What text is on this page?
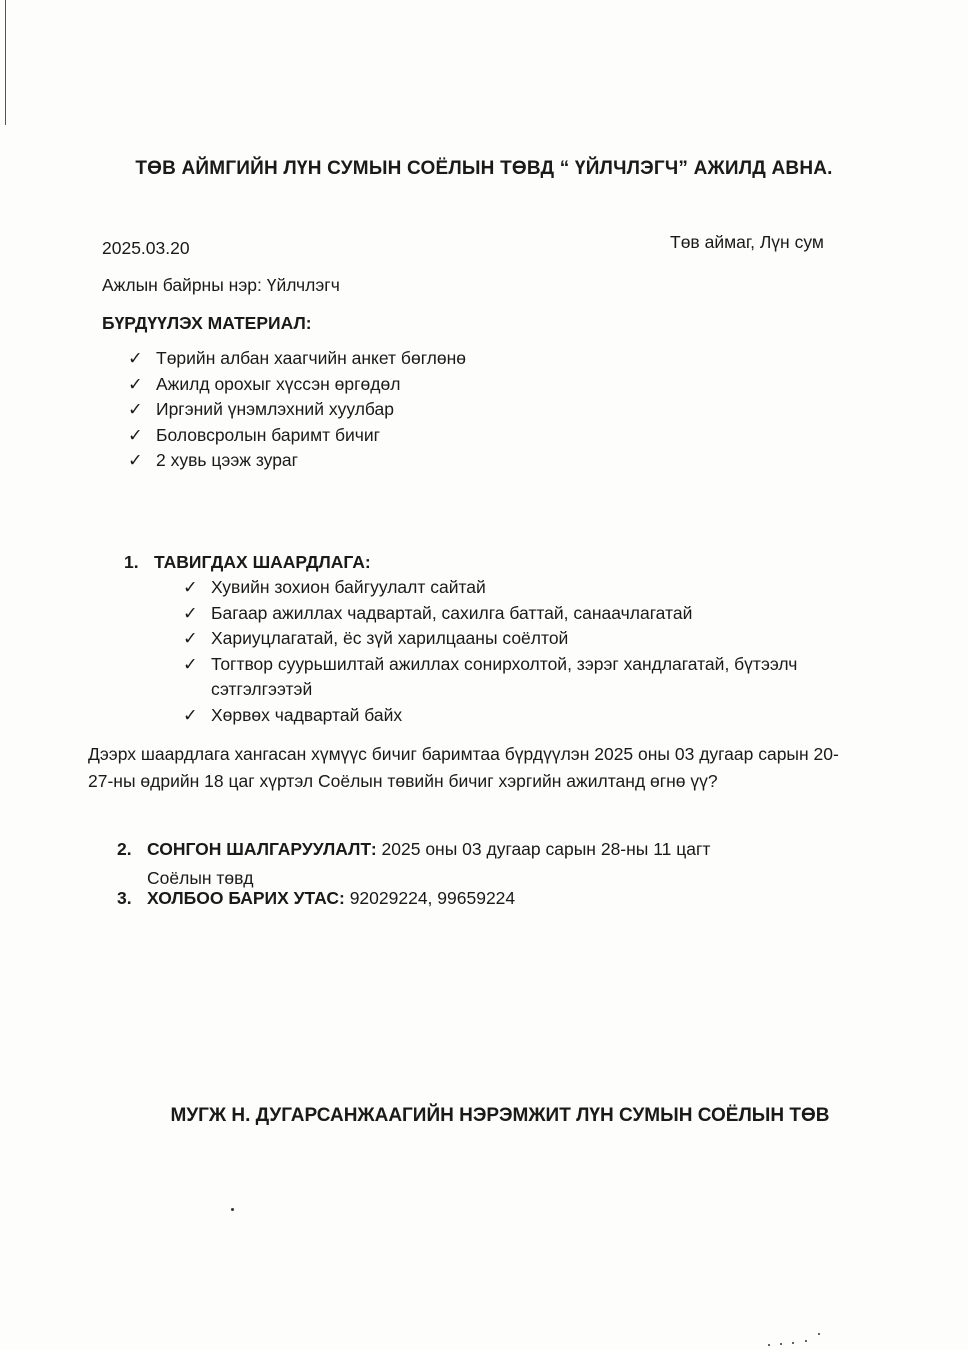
ТӨВ АЙМГИЙН ЛҮН СУМЫН СОЁЛЫН ТӨВД “ ҮЙЛЧЛЭГЧ” АЖИЛД АВНА.
2025.03.20	Төв аймаг, Лүн сум
Ажлын байрны нэр: Үйлчлэгч
БҮРДҮҮЛЭХ МАТЕРИАЛ:
✓ Төрийн албан хаагчийн анкет бөглөнө
✓ Ажилд орохыг хүссэн өргөдөл
✓ Иргэний үнэмлэхний хуулбар
✓ Боловсролын баримт бичиг
✓ 2 хувь цээж зураг
1. ТАВИГДАХ ШААРДЛАГА:
✓ Хувийн зохион байгуулалт сайтай
✓ Багаар ажиллах чадвартай, сахилга баттай, санаачлагатай
✓ Хариуцлагатай, ёс зүй харилцааны соёлтой
✓ Тогтвор суурьшилтай ажиллах сонирхолтой, зэрэг хандлагатай, бүтээлч сэтгэлгээтэй
✓ Хөрвөх чадвартай байх
Дээрх шаардлага хангасан хүмүүс бичиг баримтаа бүрдүүлэн 2025 оны 03 дугаар сарын 20-27-ны өдрийн 18 цаг хүртэл Соёлын төвийн бичиг хэргийн ажилтанд өгнө үү?
2. СОНГОН ШАЛГАРУУЛАЛТ: 2025 оны 03 дугаар сарын 28-ны 11 цагт
Соёлын төвд
3. ХОЛБОО БАРИХ УТАС: 92029224, 99659224
МУГЖ Н. ДУГАРСАНЖААГИЙН НЭРЭМЖИТ ЛҮН СУМЫН СОЁЛЫН ТӨВ
